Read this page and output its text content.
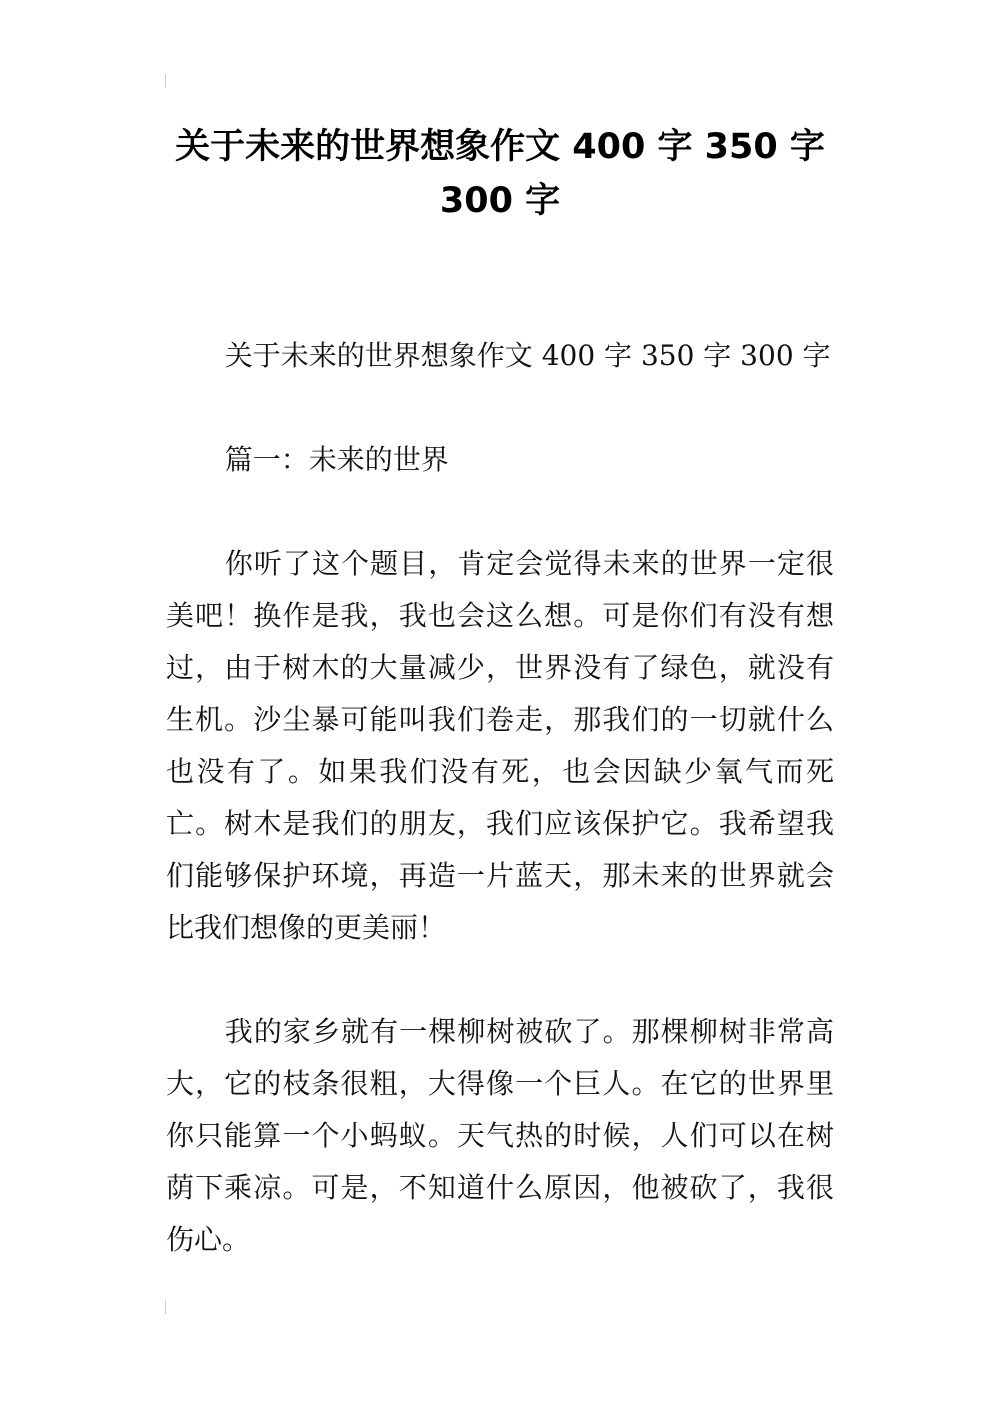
关于未来的世界想象作文 400 字 350 字 300 字

关于未来的世界想象作文 400 字 350 字 300 字

篇一：未来的世界

你听了这个题目，肯定会觉得未来的世界一定很美吧！换作是我，我也会这么想。可是你们有没有想过，由于树木的大量减少，世界没有了绿色，就没有生机。沙尘暴可能叫我们卷走，那我们的一切就什么也没有了。如果我们没有死，也会因缺少氧气而死亡。树木是我们的朋友，我们应该保护它。我希望我们能够保护环境，再造一片蓝天，那未来的世界就会比我们想像的更美丽！

我的家乡就有一棵柳树被砍了。那棵柳树非常高大，它的枝条很粗，大得像一个巨人。在它的世界里你只能算一个小蚂蚁。天气热的时候，人们可以在树荫下乘凉。可是，不知道什么原因，他被砍了，我很伤心。
